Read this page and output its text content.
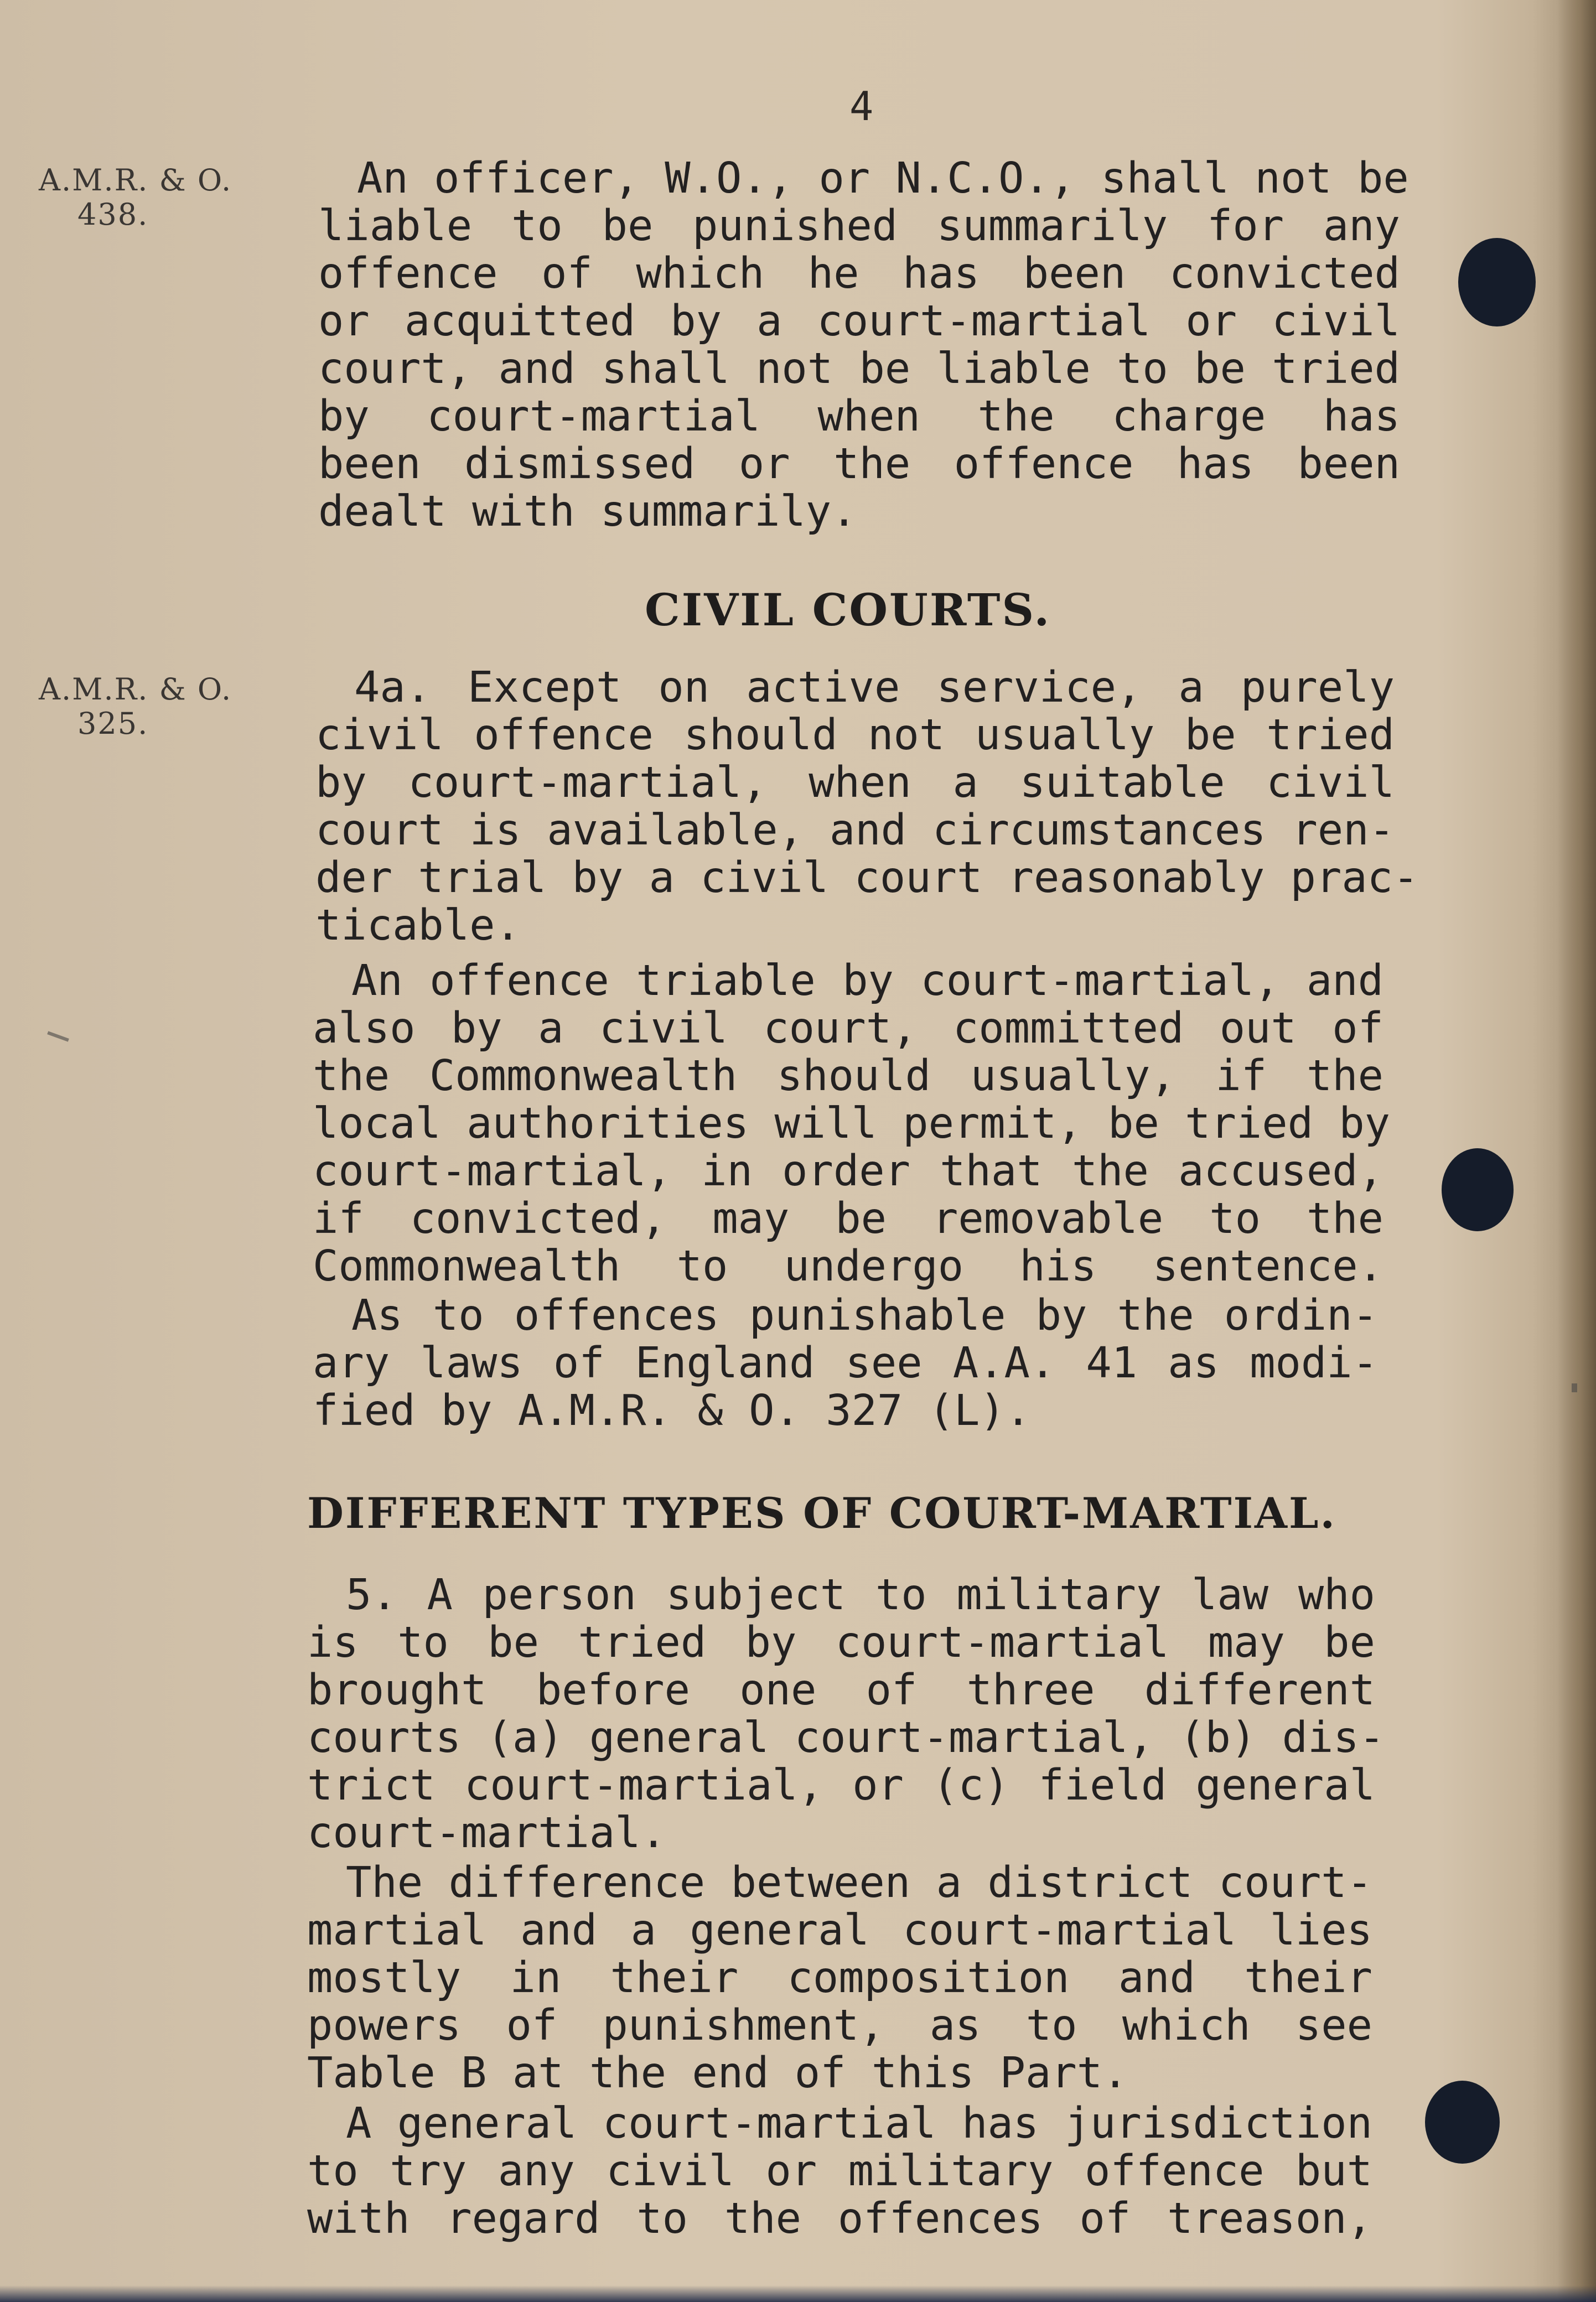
4
A.M.R. & O.
438.
An officer, W.O., or N.C.O., shall not be
liable to be punished summarily for any
offence of which he has been convicted
or acquitted by a court-martial or civil
court, and shall not be liable to be tried
by court-martial when the charge has
been dismissed or the offence has been
dealt with summarily.
CIVIL COURTS.
A.M.R. & O.
325.
4a. Except on active service, a purely
civil offence should not usually be tried
by court-martial, when a suitable civil
court is available, and circumstances ren-
der trial by a civil court reasonably prac-
ticable.
An offence triable by court-martial, and
also by a civil court, committed out of
the Commonwealth should usually, if the
local authorities will permit, be tried by
court-martial, in order that the accused,
if convicted, may be removable to the
Commonwealth to undergo his sentence.
As to offences punishable by the ordin-
ary laws of England see A.A. 41 as modi-
fied by A.M.R. & O. 327 (L).
DIFFERENT TYPES OF COURT-MARTIAL.
5. A person subject to military law who
is to be tried by court-martial may be
brought before one of three different
courts (a) general court-martial, (b) dis-
trict court-martial, or (c) field general
court-martial.
The difference between a district court-
martial and a general court-martial lies
mostly in their composition and their
powers of punishment, as to which see
Table B at the end of this Part.
A general court-martial has jurisdiction
to try any civil or military offence but
with regard to the offences of treason,
